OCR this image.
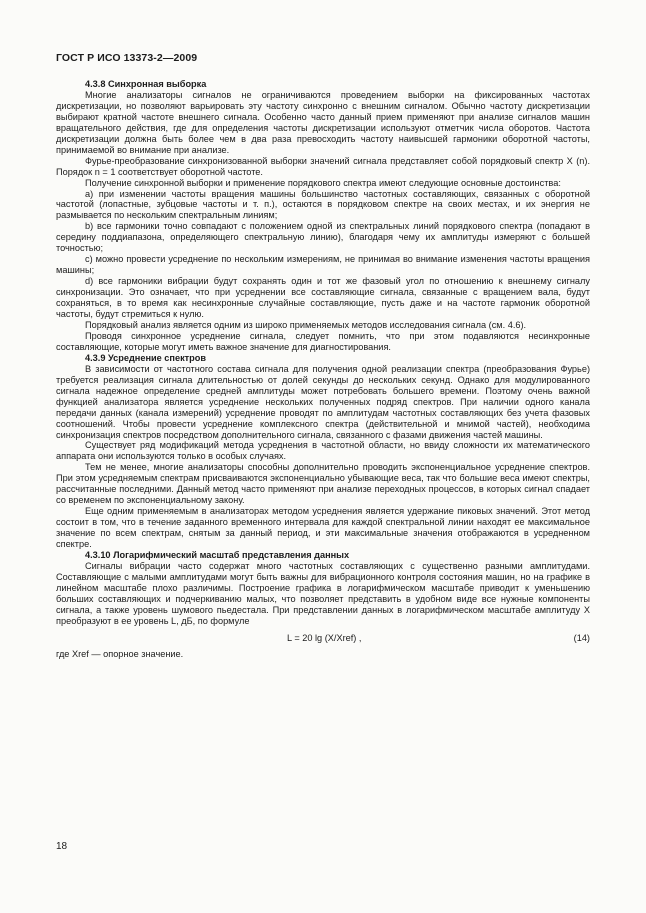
ГОСТ Р ИСО 13373-2—2009
4.3.8 Синхронная выборка

Многие анализаторы сигналов не ограничиваются проведением выборки на фиксированных частотах дискретизации, но позволяют варьировать эту частоту синхронно с внешним сигналом. Обычно частоту дискретизации выбирают кратной частоте внешнего сигнала. Особенно часто данный прием применяют при анализе сигналов машин вращательного действия, где для определения частоты дискретизации используют отметчик числа оборотов. Частота дискретизации должна быть более чем в два раза превосходить частоту наивысшей гармоники оборотной частоты, принимаемой во внимание при анализе.

Фурье-преобразование синхронизованной выборки значений сигнала представляет собой порядковый спектр X (n). Порядок n = 1 соответствует оборотной частоте.

Получение синхронной выборки и применение порядкового спектра имеют следующие основные достоинства:

a) при изменении частоты вращения машины большинство частотных составляющих, связанных с оборотной частотой (лопастные, зубцовые частоты и т. п.), остаются в порядковом спектре на своих местах, и их энергия не размывается по нескольким спектральным линиям;

b) все гармоники точно совпадают с положением одной из спектральных линий порядкового спектра (попадают в середину поддиапазона, определяющего спектральную линию), благодаря чему их амплитуды измеряют с большей точностью;

c) можно провести усреднение по нескольким измерениям, не принимая во внимание изменения частоты вращения машины;

d) все гармоники вибрации будут сохранять один и тот же фазовый угол по отношению к внешнему сигналу синхронизации. Это означает, что при усреднении все составляющие сигнала, связанные с вращением вала, будут сохраняться, в то время как несинхронные случайные составляющие, пусть даже и на частоте гармоник оборотной частоты, будут стремиться к нулю.

Порядковый анализ является одним из широко применяемых методов исследования сигнала (см. 4.6).

Проводя синхронное усреднение сигнала, следует помнить, что при этом подавляются несинхронные составляющие, которые могут иметь важное значение для диагностирования.

4.3.9 Усреднение спектров

В зависимости от частотного состава сигнала для получения одной реализации спектра (преобразования Фурье) требуется реализация сигнала длительностью от долей секунды до нескольких секунд. Однако для модулированного сигнала надежное определение средней амплитуды может потребовать большего времени. Поэтому очень важной функцией анализатора является усреднение нескольких полученных подряд спектров. При наличии одного канала передачи данных (канала измерений) усреднение проводят по амплитудам частотных составляющих без учета фазовых соотношений. Чтобы провести усреднение комплексного спектра (действительной и мнимой частей), необходима синхронизация спектров посредством дополнительного сигнала, связанного с фазами движения частей машины.

Существует ряд модификаций метода усреднения в частотной области, но ввиду сложности их математического аппарата они используются только в особых случаях.

Тем не менее, многие анализаторы способны дополнительно проводить экспоненциальное усреднение спектров. При этом усредняемым спектрам присваиваются экспоненциально убывающие веса, так что большие веса имеют спектры, рассчитанные последними. Данный метод часто применяют при анализе переходных процессов, в которых сигнал спадает со временем по экспоненциальному закону.

Еще одним применяемым в анализаторах методом усреднения является удержание пиковых значений. Этот метод состоит в том, что в течение заданного временного интервала для каждой спектральной линии находят ее максимальное значение по всем спектрам, снятым за данный период, и эти максимальные значения отображаются в усредненном спектре.

4.3.10 Логарифмический масштаб представления данных

Сигналы вибрации часто содержат много частотных составляющих с существенно разными амплитудами. Составляющие с малыми амплитудами могут быть важны для вибрационного контроля состояния машин, но на графике в линейном масштабе плохо различимы. Построение графика в логарифмическом масштабе приводит к уменьшению больших составляющих и подчеркиванию малых, что позволяет представить в удобном виде все нужные компоненты сигнала, а также уровень шумового пьедестала. При представлении данных в логарифмическом масштабе амплитуду X преобразуют в ее уровень L, дБ, по формуле

L = 20 lg (X/Xref) ,	(14)

где Xref — опорное значение.

18
